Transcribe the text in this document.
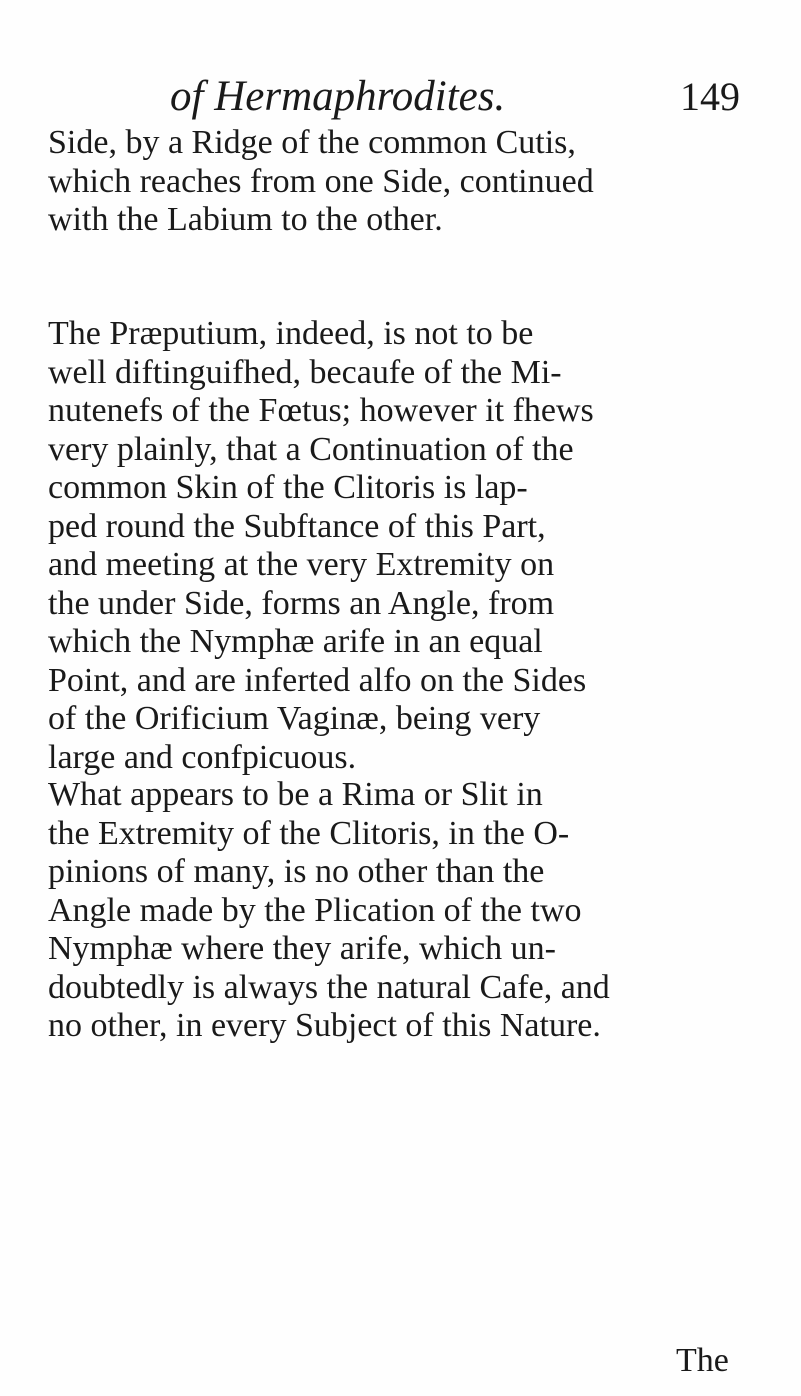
of Hermaphrodites.	149

Side, by a Ridge of the common Cutis,
which reaches from one Side, continued
with the Labium to the other.

The Præputium, indeed, is not to be
well diftinguifhed, becaufe of the Mi-
nutenefs of the Fœtus; however it fhews
very plainly, that a Continuation of the
common Skin of the Clitoris is lap-
ped round the Subftance of this Part,
and meeting at the very Extremity on
the under Side, forms an Angle, from
which the Nymphæ arife in an equal
Point, and are inferted alfo on the Sides
of the Orificium Vaginæ, being very
large and confpicuous.

What appears to be a Rima or Slit in
the Extremity of the Clitoris, in the O-
pinions of many, is no other than the
Angle made by the Plication of the two
Nymphæ where they arife, which un-
doubtedly is always the natural Cafe, and
no other, in every Subject of this Nature.

The
